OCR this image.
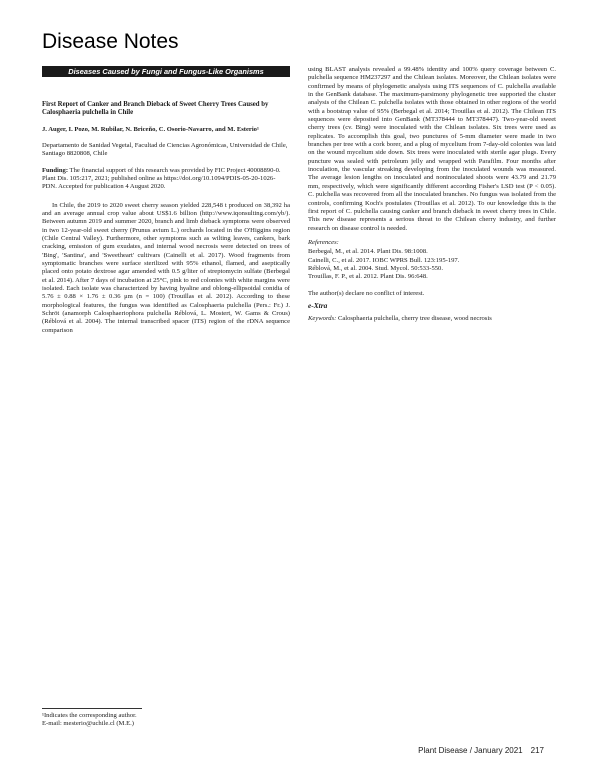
Disease Notes
Diseases Caused by Fungi and Fungus-Like Organisms

First Report of Canker and Branch Dieback of Sweet Cherry Trees Caused by Calosphaeria pulchella in Chile

J. Auger, I. Pozo, M. Rubilar, N. Briceño, C. Osorio-Navarro, and M. Esterio¹

Departamento de Sanidad Vegetal, Facultad de Ciencias Agronómicas, Universidad de Chile, Santiago 8820808, Chile

Funding: The financial support of this research was provided by FIC Project 40008890-0. Plant Dis. 105:217, 2021; published online as https://doi.org/10.1094/PDIS-05-20-1026-PDN. Accepted for publication 4 August 2020.

In Chile, the 2019 to 2020 sweet cherry season yielded 228,548 t produced on 38,392 ha and an average annual crop value about US$1.6 billion (http://www.iqonsulting.com/yb/). Between autumn 2019 and summer 2020, branch and limb dieback symptoms were observed in two 12-year-old sweet cherry (Prunus avium L.) orchards located in the O'Higgins region (Chile Central Valley). Furthermore, other symptoms such as wilting leaves, cankers, bark cracking, emission of gum exudates, and internal wood necrosis were detected on trees of 'Bing', 'Santina', and 'Sweetheart' cultivars (Cainelli et al. 2017). Wood fragments from symptomatic branches were surface sterilized with 95% ethanol, flamed, and aseptically placed onto potato dextrose agar amended with 0.5 g/liter of streptomycin sulfate (Berbegal et al. 2014). After 7 days of incubation at 25°C, pink to red colonies with white margins were isolated. Each isolate was characterized by having hyaline and oblong-ellipsoidal conidia of 5.76 ± 0.88 × 1.76 ± 0.36 μm (n = 100) (Trouillas et al. 2012). According to these morphological features, the fungus was identified as Calosphaeria pulchella (Pers.: Fr.) J. Schröt (anamorph Calosphaeriophora pulchella Réblová, L. Mostert, W. Gams & Crous) (Réblová et al. 2004). The internal transcribed spacer (ITS) region of the rDNA sequence comparison

using BLAST analysis revealed a 99.48% identity and 100% query coverage between C. pulchella sequence HM237297 and the Chilean isolates. Moreover, the Chilean isolates were confirmed by means of phylogenetic analysis using ITS sequences of C. pulchella available in the GenBank database. The maximum-parsimony phylogenetic tree supported the cluster analysis of the Chilean C. pulchella isolates with those obtained in other regions of the world with a bootstrap value of 95% (Berbegal et al. 2014; Trouillas et al. 2012). The Chilean ITS sequences were deposited into GenBank (MT378444 to MT378447). Two-year-old sweet cherry trees (cv. Bing) were inoculated with the Chilean isolates. Six trees were used as replicates. To accomplish this goal, two punctures of 5-mm diameter were made in two branches per tree with a cork borer, and a plug of mycelium from 7-day-old colonies was laid on the wound mycelium side down. Six trees were inoculated with sterile agar plugs. Every puncture was sealed with petroleum jelly and wrapped with Parafilm. Four months after inoculation, the vascular streaking developing from the inoculated wounds was measured. The average lesion lengths on inoculated and noninoculated shoots were 43.79 and 21.79 mm, respectively, which were significantly different according Fisher's LSD test (P < 0.05). C. pulchella was recovered from all the inoculated branches. No fungus was isolated from the controls, confirming Koch's postulates (Trouillas et al. 2012). To our knowledge this is the first report of C. pulchella causing canker and branch dieback in sweet cherry trees in Chile. This new disease represents a serious threat to the Chilean cherry industry, and further research on disease control is needed.

References:

Berbegal, M., et al. 2014. Plant Dis. 98:1008.

Cainelli, C., et al. 2017. IOBC WPRS Bull. 123:195-197.

Réblová, M., et al. 2004. Stud. Mycol. 50:533-550.

Trouillas, F. P., et al. 2012. Plant Dis. 96:648.

The author(s) declare no conflict of interest.

e-Xtra

Keywords: Calosphaeria pulchella, cherry tree disease, wood necrosis

¹Indicates the corresponding author.
E-mail: mesterio@uchile.cl (M.E.)
Plant Disease / January 2021 217
